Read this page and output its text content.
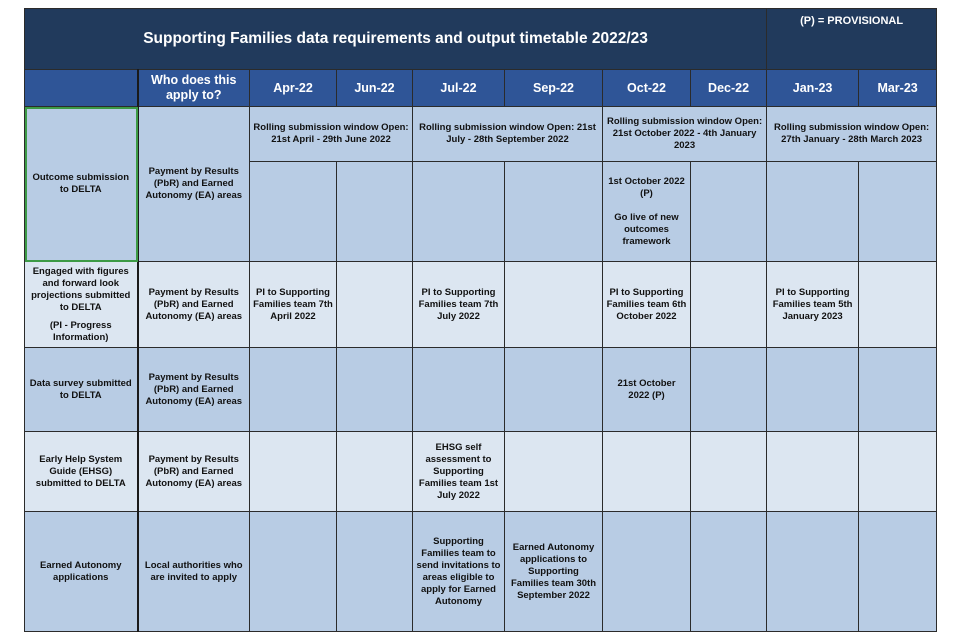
Supporting Families data requirements and output timetable 2022/23								(P) = PROVISIONAL	
	Who does this apply to?	Apr-22	Jun-22	Jul-22	Sep-22	Oct-22	Dec-22	Jan-23	Mar-23
Outcome submission to DELTA	Payment by Results (PbR) and Earned Autonomy (EA) areas	Rolling submission window Open: 21st April - 29th June 2022		Rolling submission window Open: 21st July - 28th September 2022		Rolling submission window Open: 21st October 2022 - 4th January 2023		Rolling submission window Open: 27th January - 28th March 2023	

						1st October 2022 (P)
Go live of new outcomes framework			

Engaged with figures and forward look projections submitted to DELTA
(PI - Progress Information)	Payment by Results (PbR) and Earned Autonomy (EA) areas	PI to Supporting Families team 7th April 2022		PI to Supporting Families team 7th July 2022		PI to Supporting Families team 6th October 2022		PI to Supporting Families team 5th January 2023	
Data survey submitted to DELTA	Payment by Results (PbR) and Earned Autonomy (EA) areas					21st October 2022 (P)			
Early Help System Guide (EHSG) submitted to DELTA	Payment by Results (PbR) and Earned Autonomy (EA) areas			EHSG self assessment to Supporting Families team 1st July 2022					
Earned Autonomy applications	Local authorities who are invited to apply			Supporting Families team to send invitations to areas eligible to apply for Earned Autonomy	Earned Autonomy applications to Supporting Families team 30th September 2022				
